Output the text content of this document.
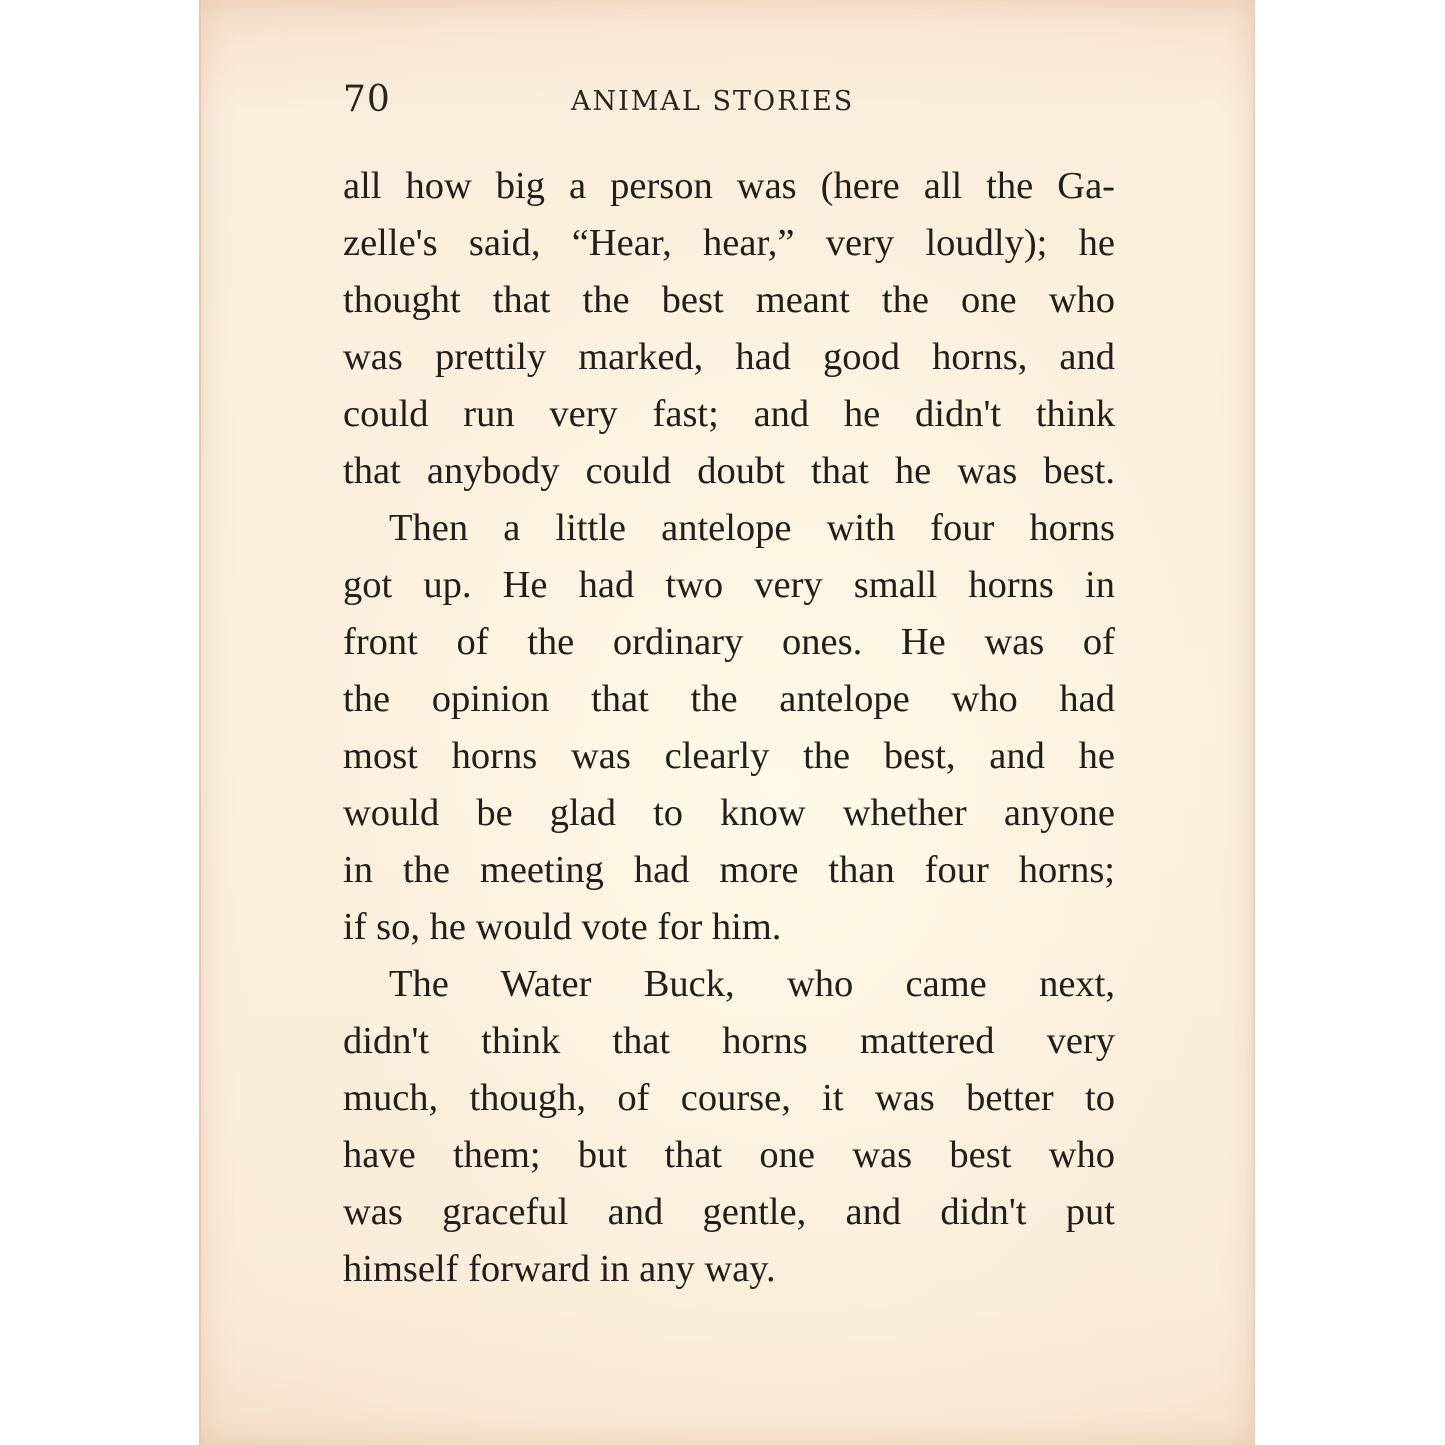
70	ANIMAL STORIES
all how big a person was (here all the Ga-
zelle's said, “Hear, hear,” very loudly); he
thought that the best meant the one who
was prettily marked, had good horns, and
could run very fast; and he didn't think
that anybody could doubt that he was best.
Then a little antelope with four horns
got up. He had two very small horns in
front of the ordinary ones. He was of
the opinion that the antelope who had
most horns was clearly the best, and he
would be glad to know whether anyone
in the meeting had more than four horns;
if so, he would vote for him.
The Water Buck, who came next,
didn't think that horns mattered very
much, though, of course, it was better to
have them; but that one was best who
was graceful and gentle, and didn't put
himself forward in any way.
